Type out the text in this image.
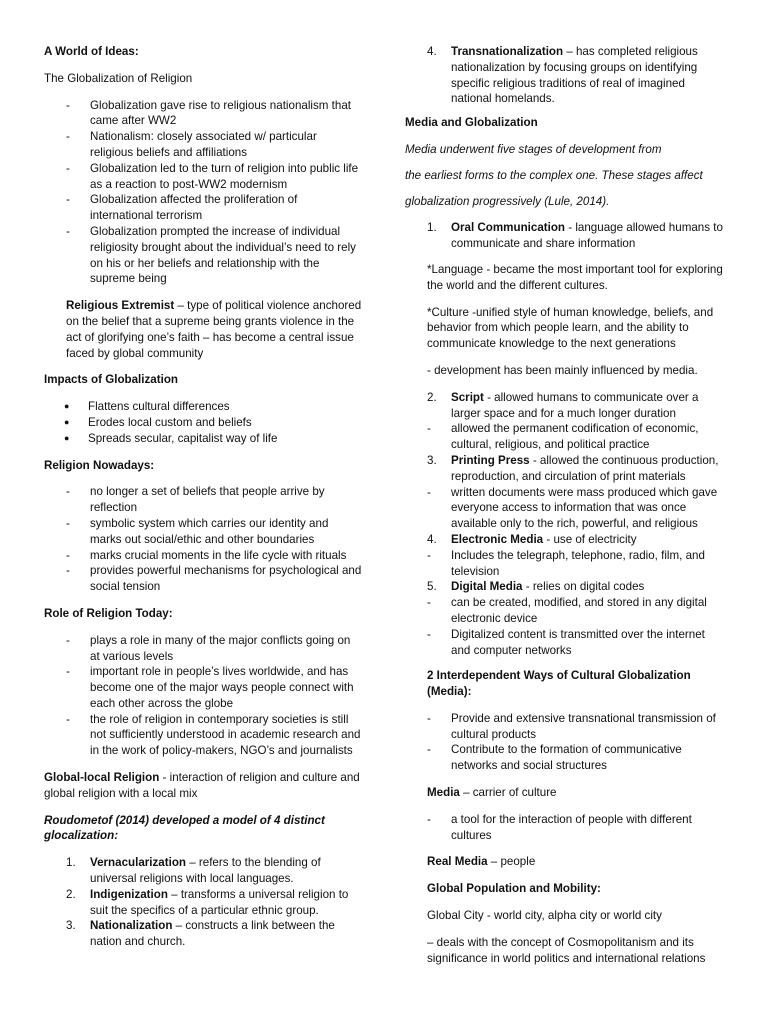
A World of Ideas:

The Globalization of Religion

-	Globalization gave rise to religious nationalism that came after WW2
-	Nationalism: closely associated w/ particular religious beliefs and affiliations
-	Globalization led to the turn of religion into public life as a reaction to post-WW2 modernism
-	Globalization affected the proliferation of international terrorism
-	Globalization prompted the increase of individual religiosity brought about the individual’s need to rely on his or her beliefs and relationship with the supreme being

Religious Extremist – type of political violence anchored on the belief that a supreme being grants violence in the act of glorifying one’s faith – has become a central issue faced by global community

Impacts of Globalization

●	Flattens cultural differences
●	Erodes local custom and beliefs
●	Spreads secular, capitalist way of life

Religion Nowadays:

-	no longer a set of beliefs that people arrive by reflection
-	symbolic system which carries our identity and marks out social/ethic and other boundaries
-	marks crucial moments in the life cycle with rituals
-	provides powerful mechanisms for psychological and social tension

Role of Religion Today:

-	plays a role in many of the major conflicts going on at various levels
-	important role in people’s lives worldwide, and has become one of the major ways people connect with each other across the globe
-	the role of religion in contemporary societies is still not sufficiently understood in academic research and in the work of policy-makers, NGO’s and journalists

Global-local Religion - interaction of religion and culture and global religion with a local mix

Roudometof (2014) developed a model of 4 distinct glocalization:

1.	Vernacularization – refers to the blending of universal religions with local languages.
2.	Indigenization – transforms a universal religion to suit the specifics of a particular ethnic group.
3.	Nationalization – constructs a link between the nation and church.
4.	Transnationalization – has completed religious nationalization by focusing groups on identifying specific religious traditions of real of imagined national homelands.

Media and Globalization

Media underwent five stages of development from

the earliest forms to the complex one. These stages affect

globalization progressively (Lule, 2014).

1.	Oral Communication - language allowed humans to communicate and share information

*Language - became the most important tool for exploring the world and the different cultures.

*Culture -unified style of human knowledge, beliefs, and behavior from which people learn, and the ability to communicate knowledge to the next generations

- development has been mainly influenced by media.

2.	Script - allowed humans to communicate over a larger space and for a much longer duration
-	allowed the permanent codification of economic, cultural, religious, and political practice
3.	Printing Press - allowed the continuous production, reproduction, and circulation of print materials
-	written documents were mass produced which gave everyone access to information that was once available only to the rich, powerful, and religious
4.	Electronic Media - use of electricity
-	Includes the telegraph, telephone, radio, film, and television
5.	Digital Media - relies on digital codes
-	can be created, modified, and stored in any digital electronic device
-	Digitalized content is transmitted over the internet and computer networks

2 Interdependent Ways of Cultural Globalization (Media):

-	Provide and extensive transnational transmission of cultural products
-	Contribute to the formation of communicative networks and social structures

Media – carrier of culture

-	a tool for the interaction of people with different cultures

Real Media – people

Global Population and Mobility:

Global City - world city, alpha city or world city

– deals with the concept of Cosmopolitanism and its significance in world politics and international relations
